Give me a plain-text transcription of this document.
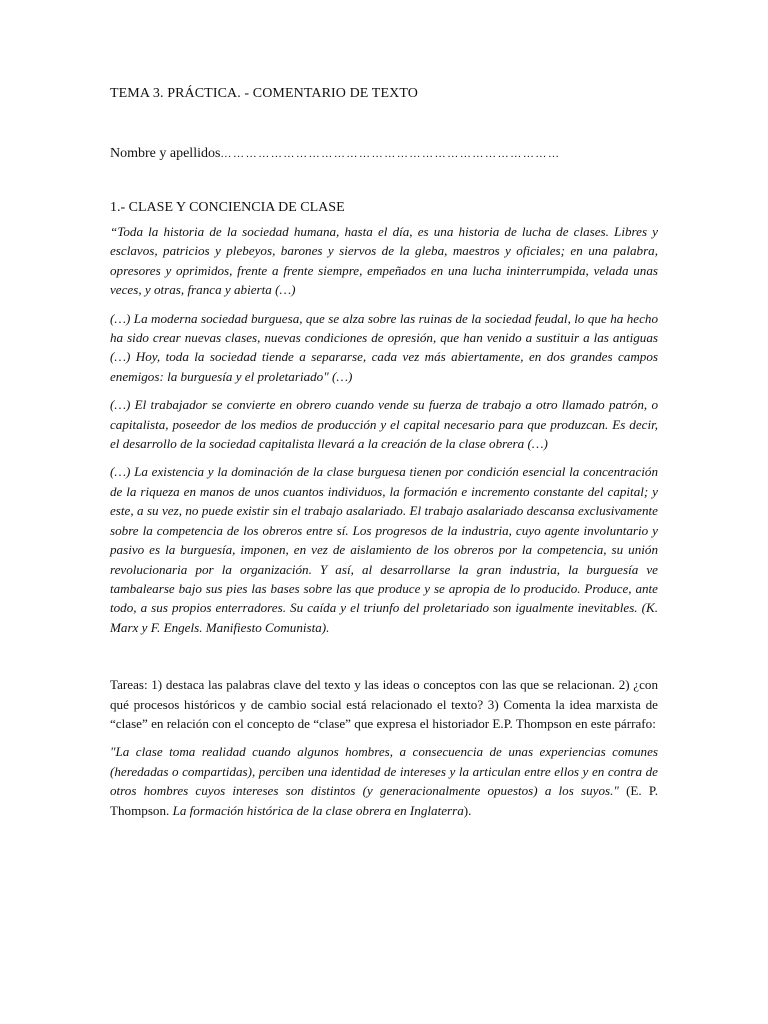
TEMA 3. PRÁCTICA. - COMENTARIO DE TEXTO
Nombre y apellidos………………………………………………………………………
1.- CLASE Y CONCIENCIA DE CLASE

“Toda la historia de la sociedad humana, hasta el día, es una historia de lucha de clases. Libres y esclavos, patricios y plebeyos, barones y siervos de la gleba, maestros y oficiales; en una palabra, opresores y oprimidos, frente a frente siempre, empeñados en una lucha ininterrumpida, velada unas veces, y otras, franca y abierta (…)

(…) La moderna sociedad burguesa, que se alza sobre las ruinas de la sociedad feudal, lo que ha hecho ha sido crear nuevas clases, nuevas condiciones de opresión, que han venido a sustituir a las antiguas (…) Hoy, toda la sociedad tiende a separarse, cada vez más abiertamente, en dos grandes campos enemigos: la burguesía y el proletariado" (…)

(…) El trabajador se convierte en obrero cuando vende su fuerza de trabajo a otro llamado patrón, o capitalista, poseedor de los medios de producción y el capital necesario para que produzcan. Es decir, el desarrollo de la sociedad capitalista llevará a la creación de la clase obrera (…)

(…) La existencia y la dominación de la clase burguesa tienen por condición esencial la concentración de la riqueza en manos de unos cuantos individuos, la formación e incremento constante del capital; y este, a su vez, no puede existir sin el trabajo asalariado. El trabajo asalariado descansa exclusivamente sobre la competencia de los obreros entre sí. Los progresos de la industria, cuyo agente involuntario y pasivo es la burguesía, imponen, en vez de aislamiento de los obreros por la competencia, su unión revolucionaria por la organización. Y así, al desarrollarse la gran industria, la burguesía ve tambalearse bajo sus pies las bases sobre las que produce y se apropia de lo producido. Produce, ante todo, a sus propios enterradores. Su caída y el triunfo del proletariado son igualmente inevitables. (K. Marx y F. Engels. Manifiesto Comunista).

Tareas: 1) destaca las palabras clave del texto y las ideas o conceptos con las que se relacionan. 2) ¿con qué procesos históricos y de cambio social está relacionado el texto? 3) Comenta la idea marxista de “clase” en relación con el concepto de “clase” que expresa el historiador E.P. Thompson en este párrafo:

"La clase toma realidad cuando algunos hombres, a consecuencia de unas experiencias comunes (heredadas o compartidas), perciben una identidad de intereses y la articulan entre ellos y en contra de otros hombres cuyos intereses son distintos (y generacionalmente opuestos) a los suyos." (E. P. Thompson. La formación histórica de la clase obrera en Inglaterra).
